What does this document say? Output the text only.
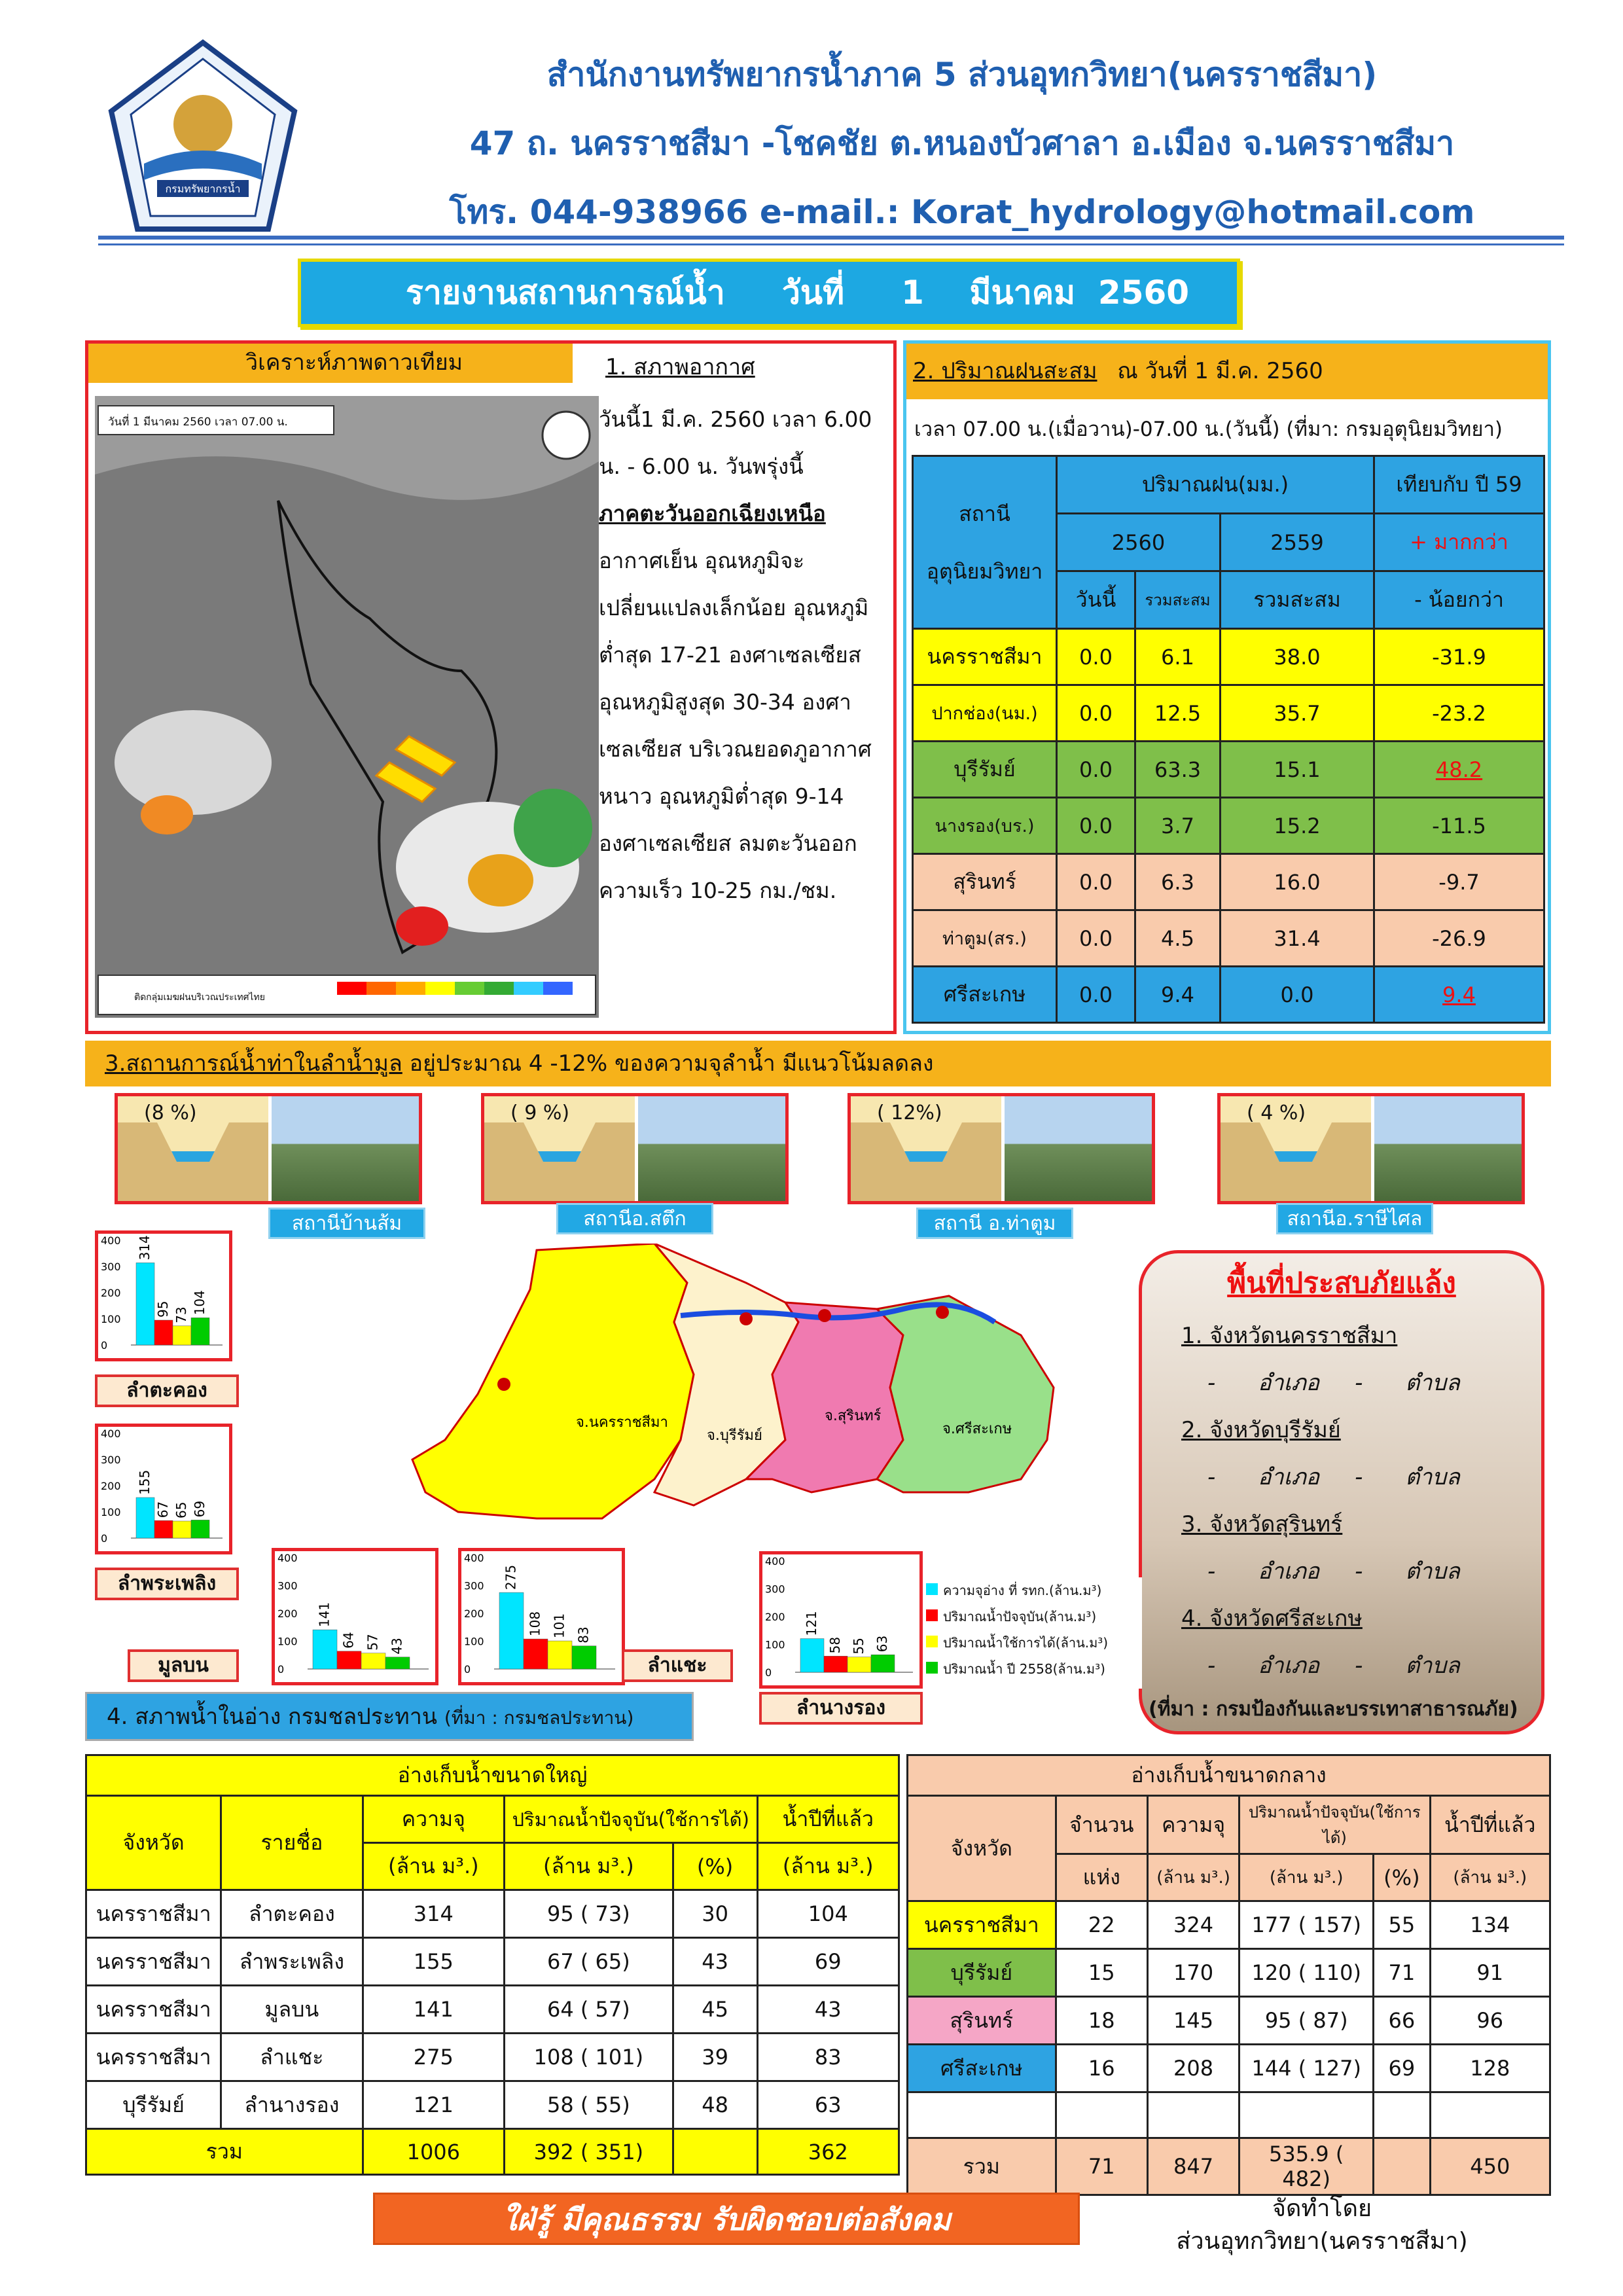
กรมทรัพยากรน้ำ
สำนักงานทรัพยากรน้ำภาค 5 ส่วนอุทกวิทยา(นครราชสีมา)
47 ถ. นครราชสีมา -โชคชัย ต.หนองบัวศาลา อ.เมือง จ.นครราชสีมา
โทร. 044-938966 e-mail.: Korat_hydrology@hotmail.com
รายงานสถานการณ์น้ำ     วันที่     1    มีนาคม  2560
วิเคราะห์ภาพดาวเทียม
วันที่ 1 มีนาคม 2560 เวลา 07.00 น.
ติดกลุ่มเมฆฝนบริเวณประเทศไทย
1. สภาพอากาศ
วันนี้1 มี.ค. 2560 เวลา 6.00 น. - 6.00 น. วันพรุ่งนี้
ภาคตะวันออกเฉียงเหนือ
อากาศเย็น อุณหภูมิจะเปลี่ยนแปลงเล็กน้อย อุณหภูมิต่ำสุด 17-21 องศาเซลเซียส อุณหภูมิสูงสุด 30-34 องศาเซลเซียส บริเวณยอดภูอากาศหนาว อุณหภูมิต่ำสุด 9-14 องศาเซลเซียส ลมตะวันออก ความเร็ว 10-25 กม./ชม.
2. ปริมาณฝนสะสม ณ วันที่ 1 มี.ค. 2560
เวลา 07.00 น.(เมื่อวาน)-07.00 น.(วันนี้) (ที่มา: กรมอุตุนิยมวิทยา)
สถานี
อุตุนิยมวิทยา	ปริมาณฝน(มม.)			เทียบกับ ปี 59
	2560		2559	+ มากกว่า
	วันนี้	รวมสะสม	รวมสะสม	- น้อยกว่า
นครราชสีมา	0.0	6.1	38.0	-31.9
ปากช่อง(นม.)	0.0	12.5	35.7	-23.2
บุรีรัมย์	0.0	63.3	15.1	48.2
นางรอง(บร.)	0.0	3.7	15.2	-11.5
สุรินทร์	0.0	6.3	16.0	-9.7
ท่าตูม(สร.)	0.0	4.5	31.4	-26.9
ศรีสะเกษ	0.0	9.4	0.0	9.4
3.สถานการณ์น้ำท่าในลำน้ำมูล อยู่ประมาณ 4 -12% ของความจุลำน้ำ มีแนวโน้มลดลง
(8 %)
สถานีบ้านส้ม
( 9 %)
สถานีอ.สตึก
( 12%)
สถานี อ.ท่าตูม
( 4 %)
สถานีอ.ราษีไศล
จ.นครราชสีมา
จ.บุรีรัมย์
จ.สุรินทร์
จ.ศรีสะเกษ
พื้นที่ประสบภัยแล้ง
1. จังหวัดนครราชสีมา
-      อำเภอ     -      ตำบล
2. จังหวัดบุรีรัมย์
-      อำเภอ     -      ตำบล
3. จังหวัดสุรินทร์
-      อำเภอ     -      ตำบล
4. จังหวัดศรีสะเกษ
-      อำเภอ     -      ตำบล
(ที่มา : กรมป้องกันและบรรเทาสาธารณภัย)
0
100
200
300
400 314
95 73 104
ลำตะคอง
0
100
200
300
400
155
67 65 69
ลำพระเพลิง
0
100
200
300
400
141
64 57 43
มูลบน	0
100
200
300
400
275
108 101 83
ลำแชะ	0
100
200
300
400
121
58 55 63
ลำนางรอง
ความจุอ่าง ที่ รทก.(ล้าน.ม³)
ปริมาณน้ำปัจจุบัน(ล้าน.ม³)
ปริมาณน้ำใช้การได้(ล้าน.ม³)
ปริมาณน้ำ ปี 2558(ล้าน.ม³)
4. สภาพน้ำในอ่าง กรมชลประทาน (ที่มา : กรมชลประทาน)
อ่างเก็บน้ำขนาดใหญ่					
จังหวัด	รายชื่อ	ความจุ	ปริมาณน้ำปัจจุบัน(ใช้การได้)		น้ำปีที่แล้ว
		(ล้าน ม³.)	(ล้าน ม³.)	(%)	(ล้าน ม³.)
นครราชสีมา	ลำตะคอง	314	95 ( 73)	30	104
นครราชสีมา	ลำพระเพลิง	155	67 ( 65)	43	69
นครราชสีมา	มูลบน	141	64 ( 57)	45	43
นครราชสีมา	ลำแชะ	275	108 ( 101)	39	83
บุรีรัมย์	ลำนางรอง	121	58 ( 55)	48	63
รวม		1006	392 ( 351)		362
อ่างเก็บน้ำขนาดกลาง					
จังหวัด	จำนวน	ความจุ	ปริมาณน้ำปัจจุบัน(ใช้การได้)		น้ำปีที่แล้ว
	แห่ง	(ล้าน ม³.)	(ล้าน ม³.)	(%)	(ล้าน ม³.)
นครราชสีมา	22	324	177 ( 157)	55	134
บุรีรัมย์	15	170	120 ( 110)	71	91
สุรินทร์	18	145	95 ( 87)	66	96
ศรีสะเกษ	16	208	144 ( 127)	69	128

รวม	71	847	535.9 ( 482)		450
ใฝ่รู้ มีคุณธรรม รับผิดชอบต่อสังคม	จัดทำโดย
ส่วนอุทกวิทยา(นครราชสีมา)
